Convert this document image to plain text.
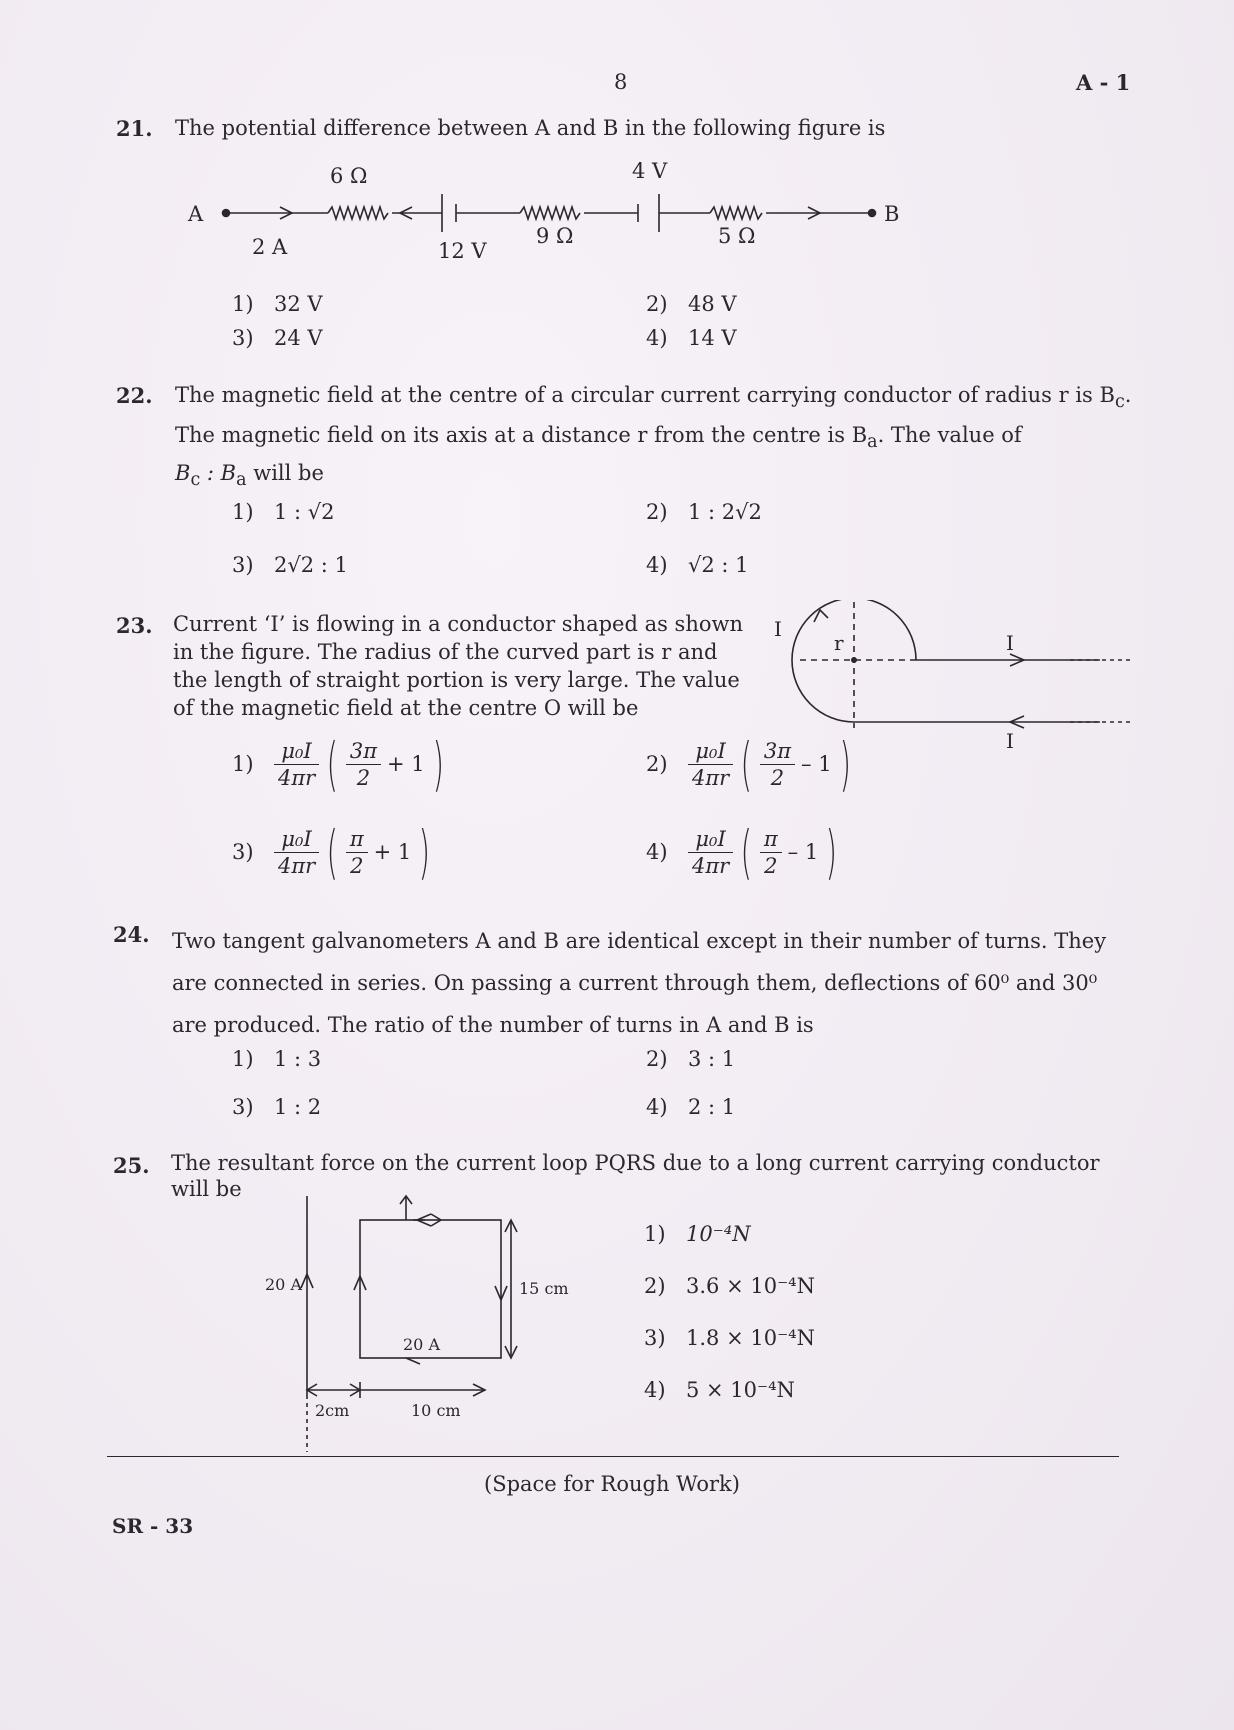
8	A - 1
21. The potential difference between A and B in the following figure is
A	B
6 Ω
9 Ω	5 Ω
4 V
12 V
2 A
1) 32 V	2) 48 V
3) 24 V	4) 14 V
22. The magnetic field at the centre of a circular current carrying conductor of radius r is $B_c$.
The magnetic field on its axis at a distance r from the centre is $B_a$. The value of
$B_c$ : $B_a$ will be
1) 1 : √2	2) 1 : 2√2
3) 2√2 : 1	4) √2 : 1
23. Current ‘I’ is flowing in a conductor shaped as shown
in the figure. The radius of the curved part is r and
the length of straight portion is very large. The value
of the magnetic field at the centre O will be
I
r	I
I
$1) \frac{\text{μ₀I}}{4\pi r}$ ( $\frac{3\pi}{2} + 1$ )	$2) \frac{\text{μ₀I}}{4\pi r}$ ( $\frac{3\pi}{2} - 1$ )
$3) \frac{\text{μ₀I}}{4\pi r}$ ( $\frac{\pi}{2} + 1$ )	$4) \frac{\text{μ₀I}}{4\pi r}$ ( $\frac{\pi}{2} - 1$ )
24. Two tangent galvanometers A and B are identical except in their number of turns. They
are connected in series. On passing a current through them, deflections of 60⁰ and 30⁰
are produced. The ratio of the number of turns in A and B is
1) 1 : 3	2) 3 : 1
3) 1 : 2	4) 2 : 1
25. The resultant force on the current loop PQRS due to a long current carrying conductor
will be
20 A
20 A
15 cm
2cm	10 cm
1) 10⁻⁴N
2) 3.6 × 10⁻⁴N
3) 1.8 × 10⁻⁴N
4) 5 × 10⁻⁴N
(Space for Rough Work)
SR - 33
